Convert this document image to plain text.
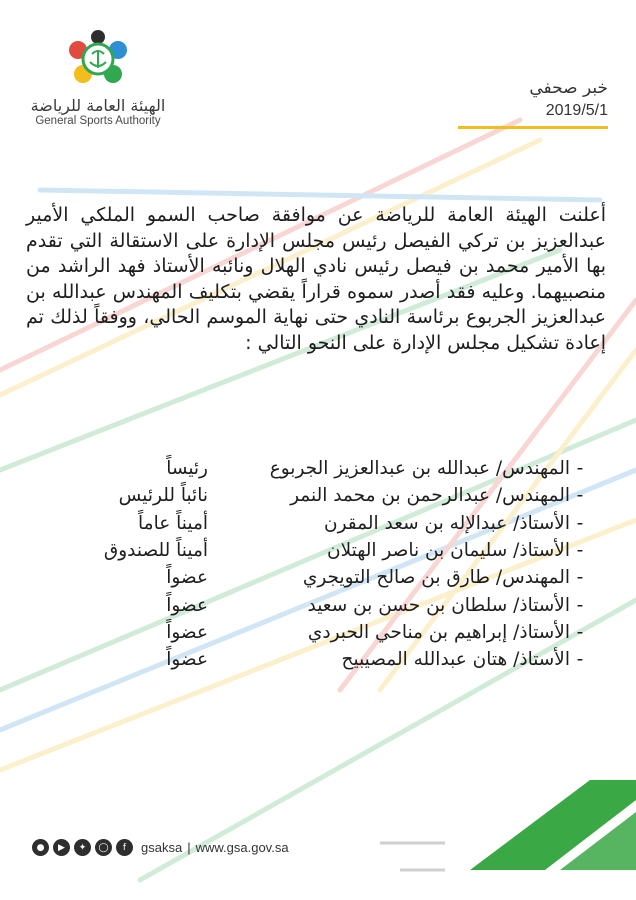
الهيئة العامة للرياضة
General Sports Authority
خبر صحفي
2019/5/1
أعلنت الهيئة العامة للرياضة عن موافقة صاحب السمو الملكي الأمير عبدالعزيز بن تركي الفيصل رئيس مجلس الإدارة على الاستقالة التي تقدم بها الأمير محمد بن فيصل رئيس نادي الهلال ونائبه الأستاذ فهد الراشد من منصبيهما. وعليه فقد أصدر سموه قراراً يقضي بتكليف المهندس عبدالله بن عبدالعزيز الجربوع برئاسة النادي حتى نهاية الموسم الحالي، ووفقاً لذلك تم إعادة تشكيل مجلس الإدارة على النحو التالي :
-
المهندس/ عبدالله بن عبدالعزيز الجربوع
رئيساً
-
المهندس/ عبدالرحمن بن محمد النمر
نائباً للرئيس
-
الأستاذ/ عبدالإله بن سعد المقرن
أميناً عاماً
-
الأستاذ/ سليمان بن ناصر الهتلان
أميناً للصندوق
-
المهندس/ طارق بن صالح التويجري
عضواً
-
الأستاذ/ سلطان بن حسن بن سعيد
عضواً
-
الأستاذ/ إبراهيم بن مناحي الحبردي
عضواً
-
الأستاذ/ هتان عبدالله المصيبيح
عضواً
●	▶	✦	◯	f	gsaksa | www.gsa.gov.sa
